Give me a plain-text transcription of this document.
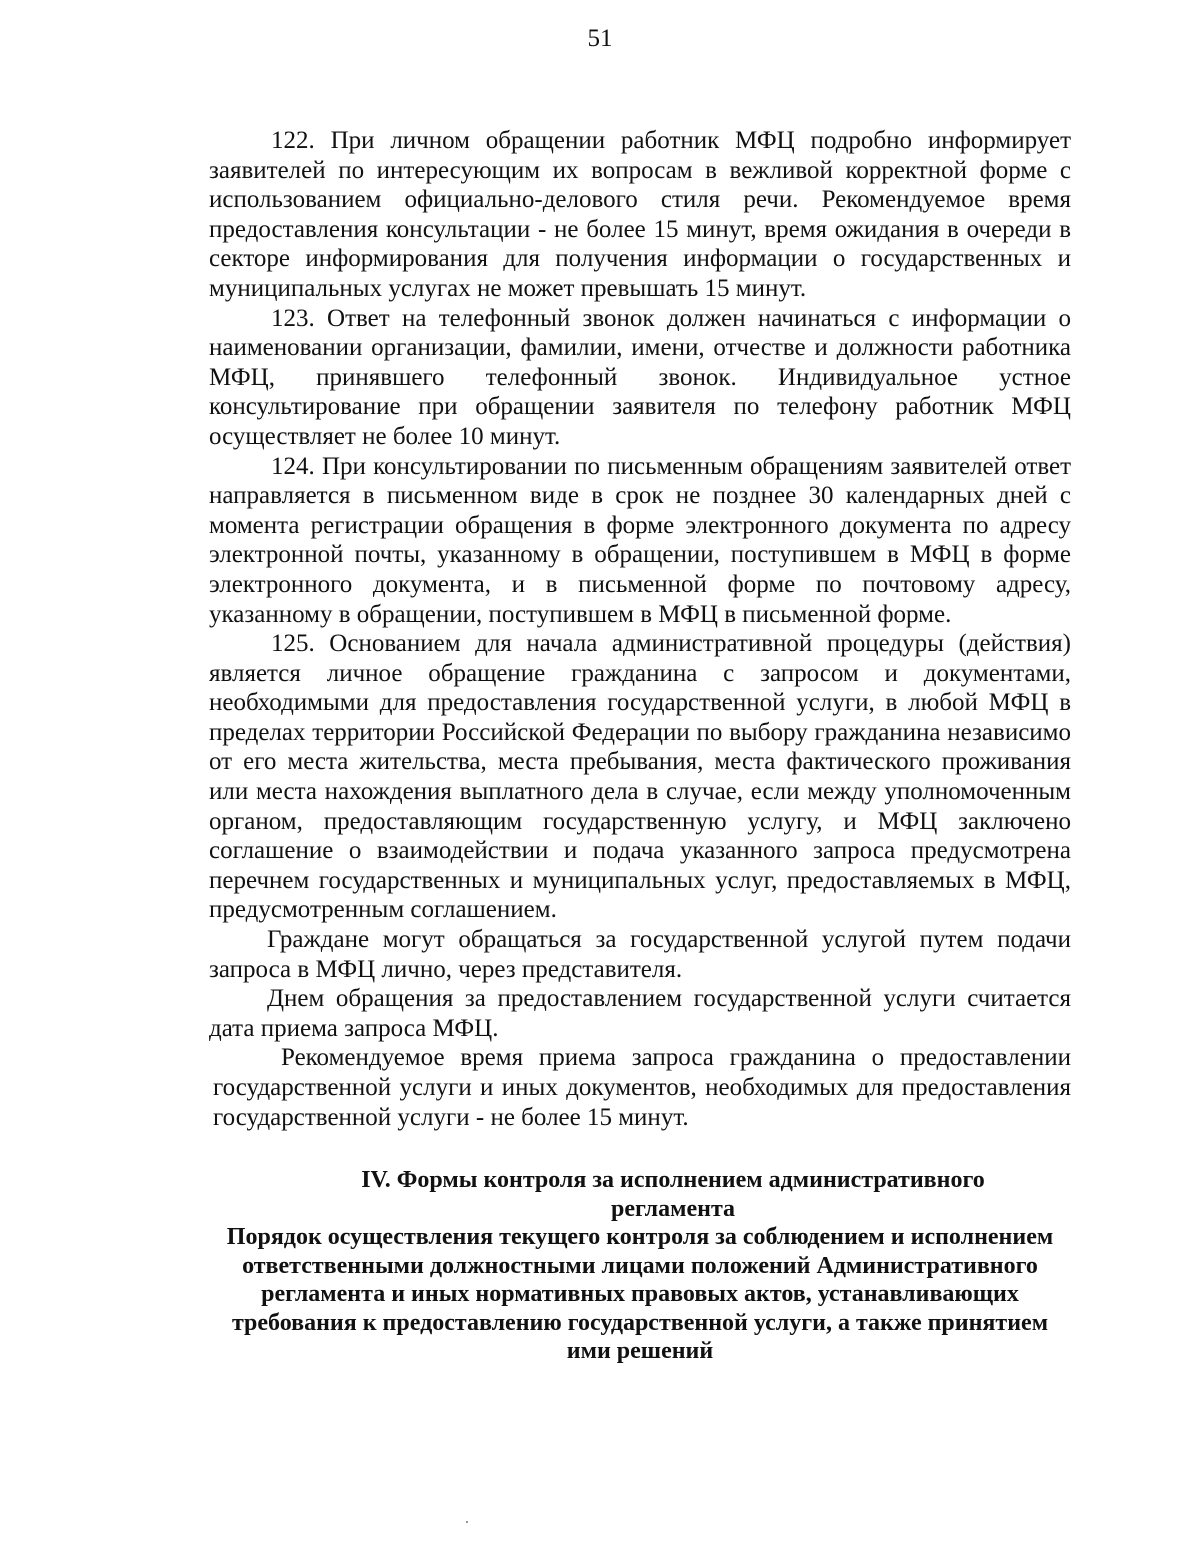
51

122. При личном обращении работник МФЦ подробно информирует заявителей по интересующим их вопросам в вежливой корректной форме с использованием официально-делового стиля речи. Рекомендуемое время предоставления консультации - не более 15 минут, время ожидания в очереди в секторе информирования для получения информации о государственных и муниципальных услугах не может превышать 15 минут.

123. Ответ на телефонный звонок должен начинаться с информации о наименовании организации, фамилии, имени, отчестве и должности работника МФЦ, принявшего телефонный звонок. Индивидуальное устное консультирование при обращении заявителя по телефону работник МФЦ осуществляет не более 10 минут.

124. При консультировании по письменным обращениям заявителей ответ направляется в письменном виде в срок не позднее 30 календарных дней с момента регистрации обращения в форме электронного документа по адресу электронной почты, указанному в обращении, поступившем в МФЦ в форме электронного документа, и в письменной форме по почтовому адресу, указанному в обращении, поступившем в МФЦ в письменной форме.

125. Основанием для начала административной процедуры (действия) является личное обращение гражданина с запросом и документами, необходимыми для предоставления государственной услуги, в любой МФЦ в пределах территории Российской Федерации по выбору гражданина независимо от его места жительства, места пребывания, места фактического проживания или места нахождения выплатного дела в случае, если между уполномоченным органом, предоставляющим государственную услугу, и МФЦ заключено соглашение о взаимодействии и подача указанного запроса предусмотрена перечнем государственных и муниципальных услуг, предоставляемых в МФЦ, предусмотренным соглашением.

Граждане могут обращаться за государственной услугой путем подачи запроса в МФЦ лично, через представителя.

Днем обращения за предоставлением государственной услуги считается дата приема запроса МФЦ.

Рекомендуемое время приема запроса гражданина о предоставлении государственной услуги и иных документов, необходимых для предоставления государственной услуги - не более 15 минут.

IV. Формы контроля за исполнением административного регламента
Порядок осуществления текущего контроля за соблюдением и исполнением ответственными должностными лицами положений Административного регламента и иных нормативных правовых актов, устанавливающих требования к предоставлению государственной услуги, а также принятием ими решений
